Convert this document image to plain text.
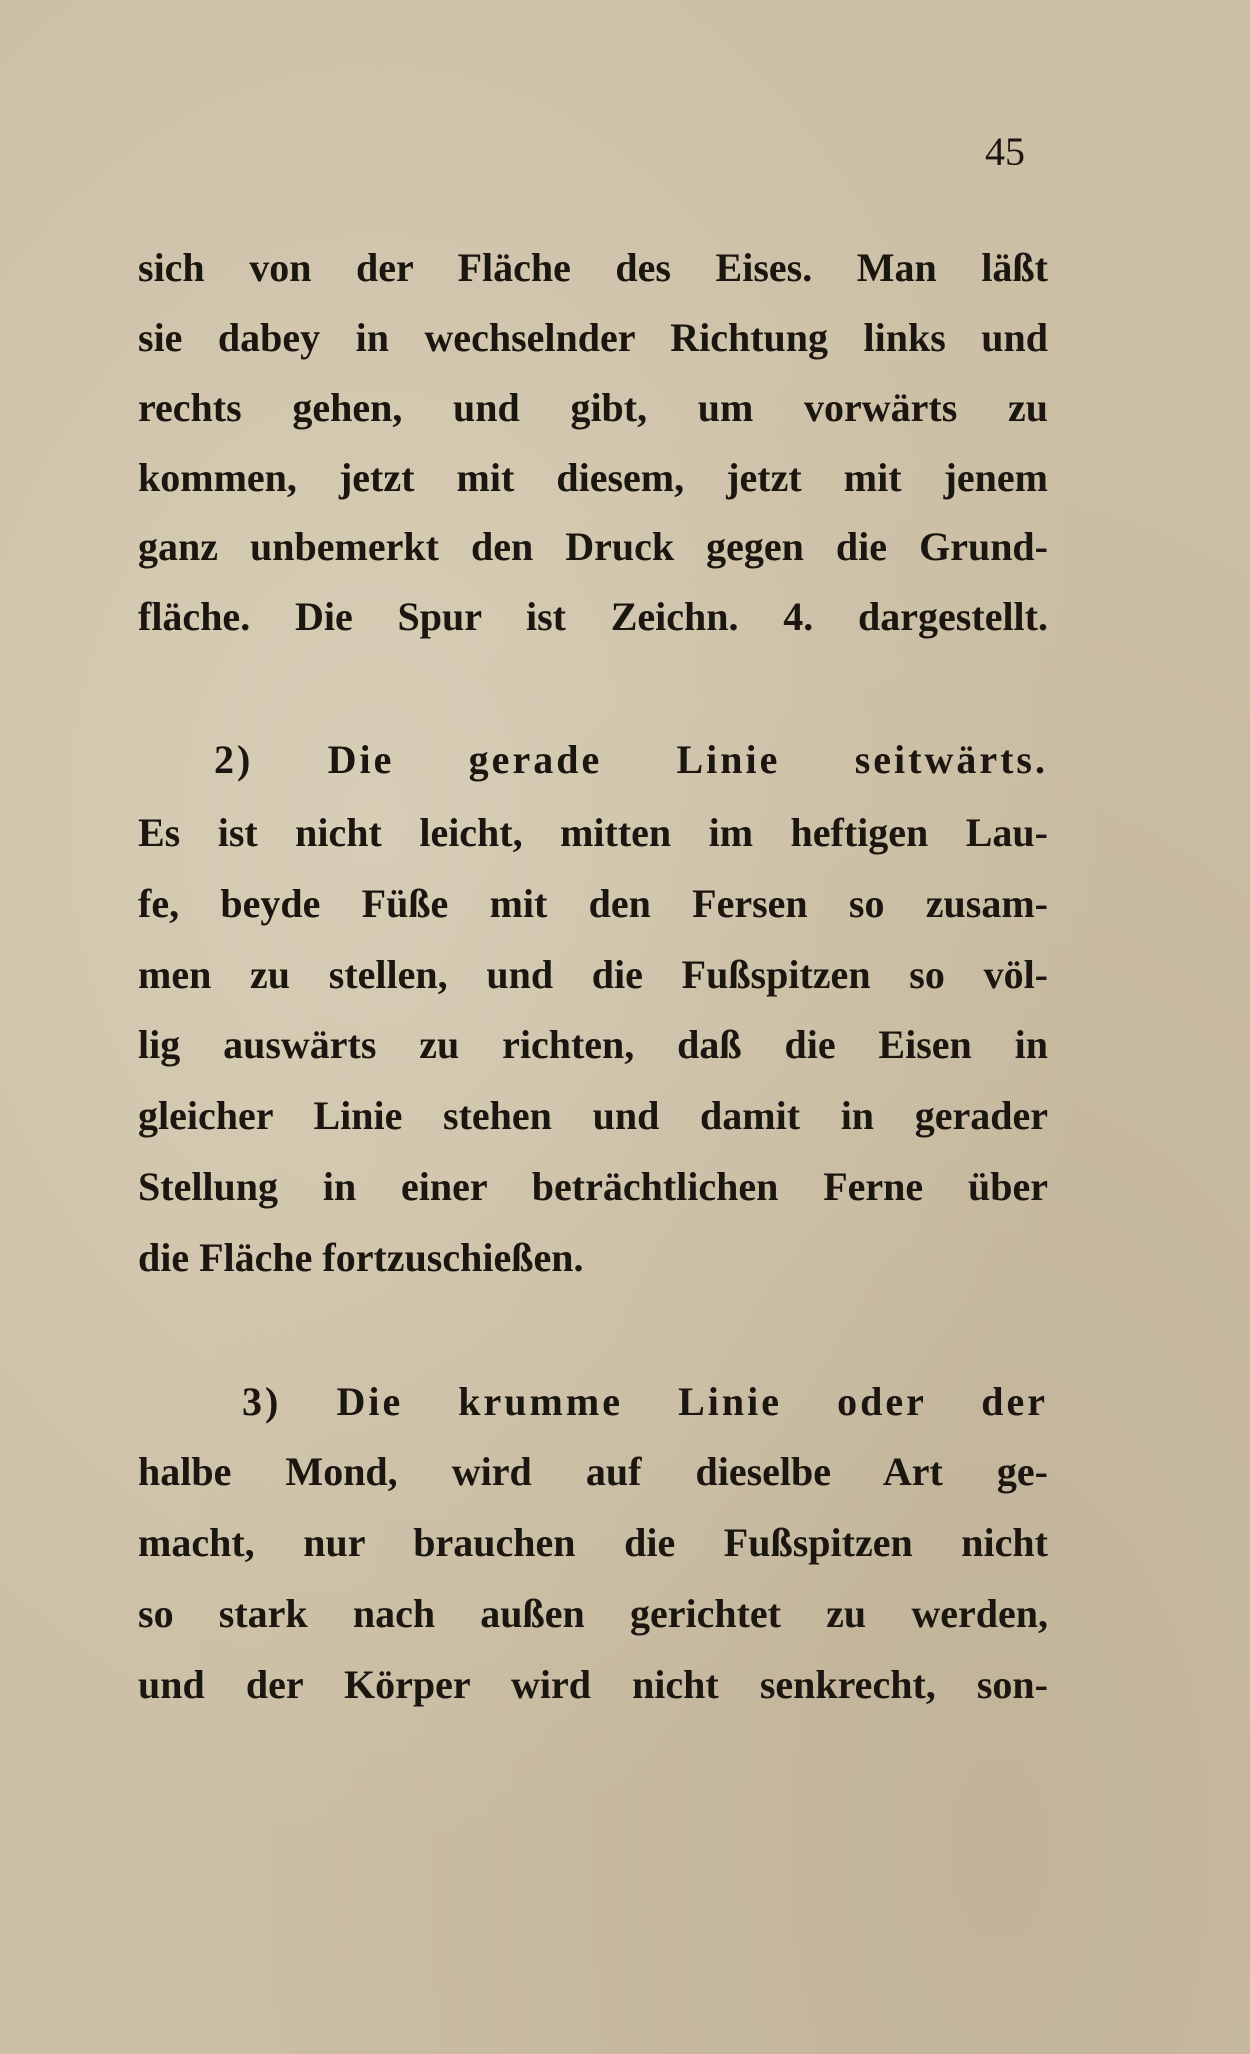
45
sich von der Fläche des Eises. Man läßt
sie dabey in wechselnder Richtung links und
rechts gehen, und gibt, um vorwärts zu
kommen, jetzt mit diesem, jetzt mit jenem
ganz unbemerkt den Druck gegen die Grund-
fläche. Die Spur ist Zeichn. 4. dargestellt.
2) Die gerade Linie seitwärts.
Es ist nicht leicht, mitten im heftigen Lau-
fe, beyde Füße mit den Fersen so zusam-
men zu stellen, und die Fußspitzen so völ-
lig auswärts zu richten, daß die Eisen in
gleicher Linie stehen und damit in gerader
Stellung in einer beträchtlichen Ferne über
die Fläche fortzuschießen.
3) Die krumme Linie oder der
halbe Mond, wird auf dieselbe Art ge-
macht, nur brauchen die Fußspitzen nicht
so stark nach außen gerichtet zu werden,
und der Körper wird nicht senkrecht, son-
